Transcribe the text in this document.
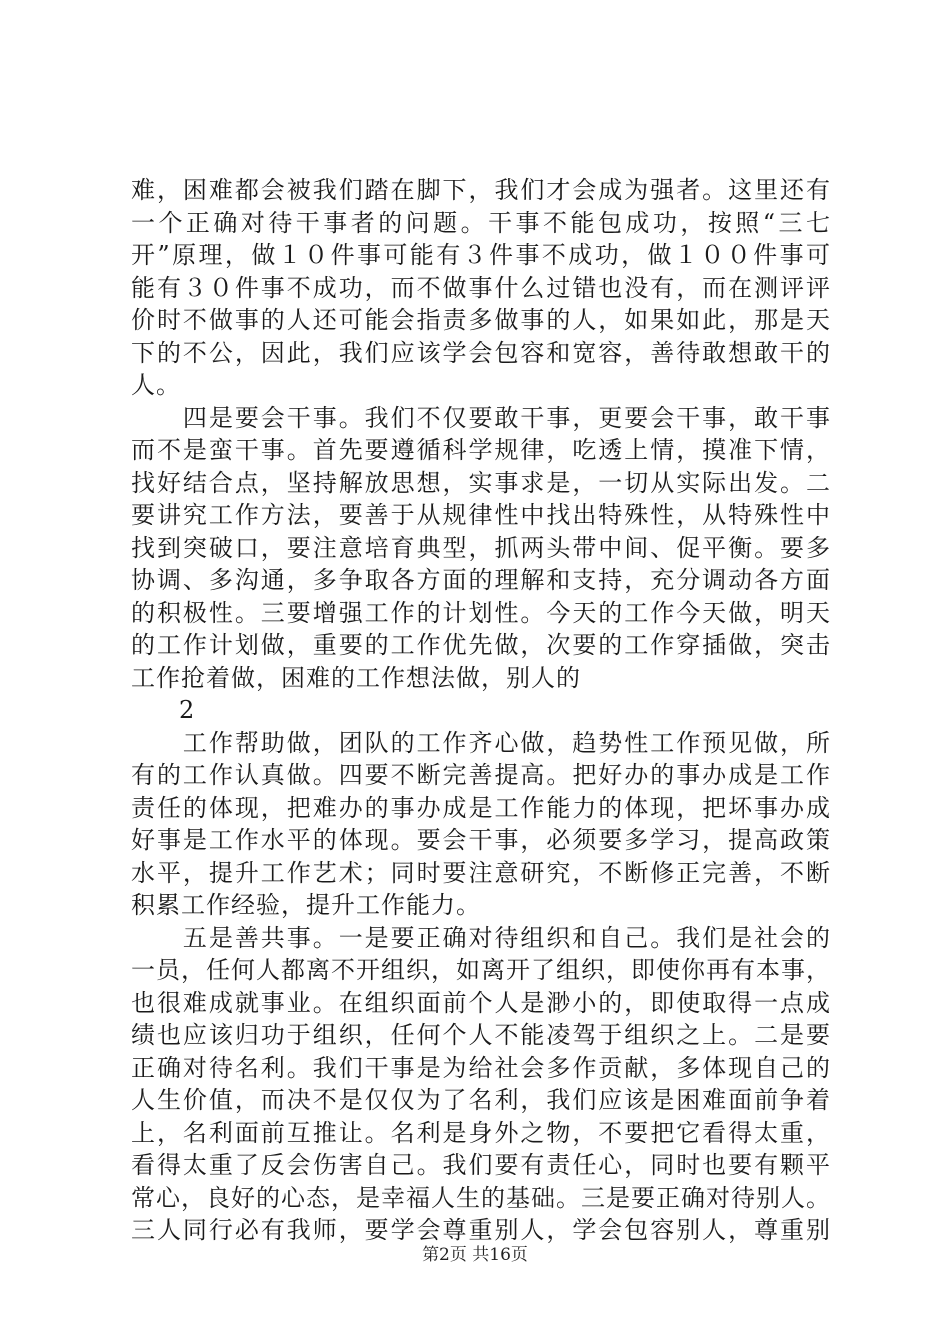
难，困难都会被我们踏在脚下，我们才会成为强者。这里还有
一个正确对待干事者的问题。干事不能包成功，按照“三七
开”原理，做１０件事可能有３件事不成功，做１００件事可
能有３０件事不成功，而不做事什么过错也没有，而在测评评
价时不做事的人还可能会指责多做事的人，如果如此，那是天
下的不公，因此，我们应该学会包容和宽容，善待敢想敢干的
人。
　　四是要会干事。我们不仅要敢干事，更要会干事，敢干事
而不是蛮干事。首先要遵循科学规律，吃透上情，摸准下情，
找好结合点，坚持解放思想，实事求是，一切从实际出发。二
要讲究工作方法，要善于从规律性中找出特殊性，从特殊性中
找到突破口，要注意培育典型，抓两头带中间、促平衡。要多
协调、多沟通，多争取各方面的理解和支持，充分调动各方面
的积极性。三要增强工作的计划性。今天的工作今天做，明天
的工作计划做，重要的工作优先做，次要的工作穿插做，突击
工作抢着做，困难的工作想法做，别人的
2
　　工作帮助做，团队的工作齐心做，趋势性工作预见做，所
有的工作认真做。四要不断完善提高。把好办的事办成是工作
责任的体现，把难办的事办成是工作能力的体现，把坏事办成
好事是工作水平的体现。要会干事，必须要多学习，提高政策
水平，提升工作艺术；同时要注意研究，不断修正完善，不断
积累工作经验，提升工作能力。
　　五是善共事。一是要正确对待组织和自己。我们是社会的
一员，任何人都离不开组织，如离开了组织，即使你再有本事，
也很难成就事业。在组织面前个人是渺小的，即使取得一点成
绩也应该归功于组织，任何个人不能凌驾于组织之上。二是要
正确对待名利。我们干事是为给社会多作贡献，多体现自己的
人生价值，而决不是仅仅为了名利，我们应该是困难面前争着
上，名利面前互推让。名利是身外之物，不要把它看得太重，
看得太重了反会伤害自己。我们要有责任心，同时也要有颗平
常心，良好的心态，是幸福人生的基础。三是要正确对待别人。
三人同行必有我师，要学会尊重别人，学会包容别人，尊重别
第2页 共16页
